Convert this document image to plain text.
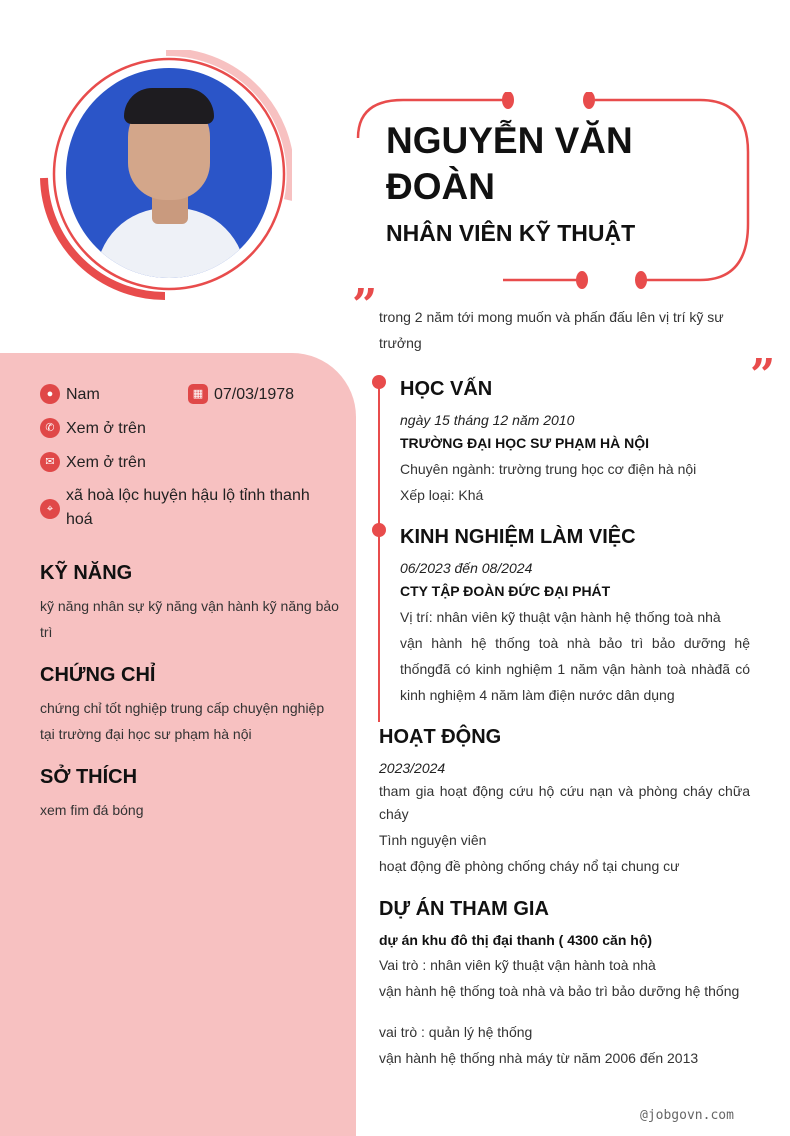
NGUYỄN VĂN ĐOÀN
NHÂN VIÊN KỸ THUẬT
” trong 2 năm tới mong muốn và phấn đấu lên vị trí kỹ sư trưởng
”
● Nam	▦ 07/03/1978
✆ Xem ở trên
✉ Xem ở trên
⌖
xã hoà lộc huyện hậu lộ tỉnh thanh hoá
KỸ NĂNG
kỹ năng nhân sự kỹ năng vận hành kỹ năng bảo trì
CHỨNG CHỈ
chứng chỉ tốt nghiệp trung cấp chuyện nghiệp tại trường đại học sư phạm hà nội
SỞ THÍCH
xem fim đá bóng
HỌC VẤN
ngày 15 tháng 12 năm 2010
TRƯỜNG ĐẠI HỌC SƯ PHẠM HÀ NỘI
Chuyên ngành: trường trung học cơ điện hà nội
Xếp loại: Khá
KINH NGHIỆM LÀM VIỆC
06/2023 đến 08/2024
CTY TẬP ĐOÀN ĐỨC ĐẠI PHÁT
Vị trí: nhân viên kỹ thuật vận hành hệ thống toà nhà
vận hành hệ thống toà nhà bảo trì bảo dưỡng hệ thốngđã có kinh nghiệm 1 năm vận hành toà nhàđã có kinh nghiệm 4 năm làm điện nước dân dụng
HOẠT ĐỘNG
2023/2024
tham gia hoạt động cứu hộ cứu nạn và phòng cháy chữa cháy
Tình nguyện viên
hoạt động đề phòng chống cháy nổ tại chung cư
DỰ ÁN THAM GIA
dự án khu đô thị đại thanh ( 4300 căn hộ)
Vai trò : nhân viên kỹ thuật vận hành toà nhà
vận hành hệ thống toà nhà và bảo trì bảo dưỡng hệ thống
vai trò : quản lý hệ thống
vận hành hệ thống nhà máy từ năm 2006 đến 2013
@jobgovn.com
